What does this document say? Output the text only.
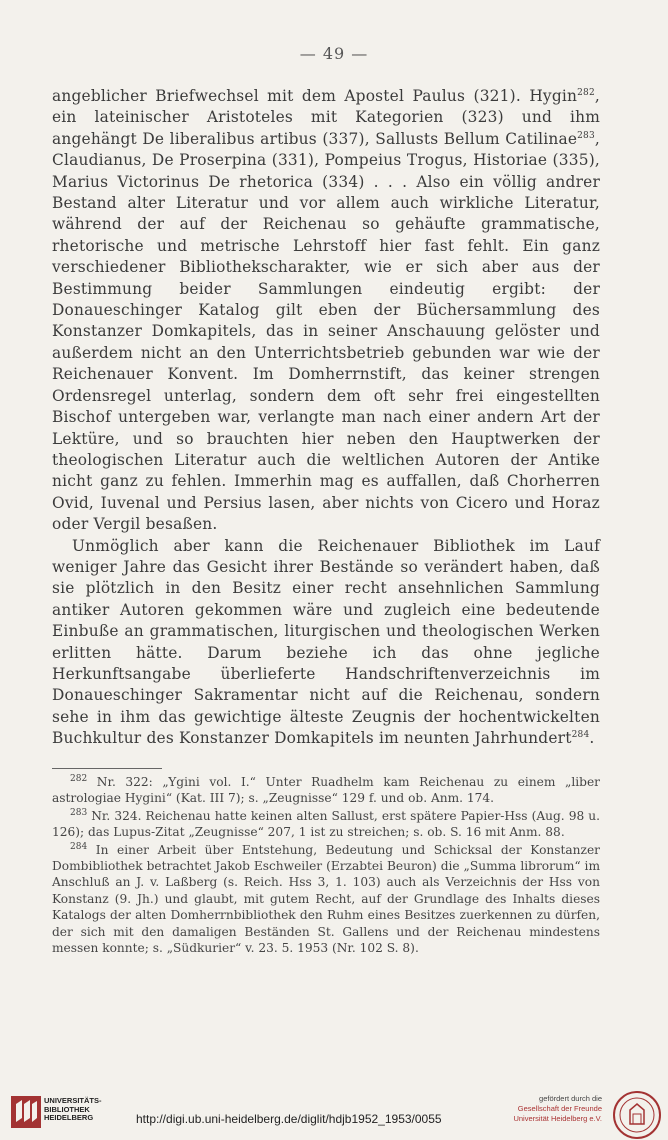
— 49 —

angeblicher Briefwechsel mit dem Apostel Paulus (321). Hygin$^{282}$, ein lateinischer Aristoteles mit Kategorien (323) und ihm angehängt De liberalibus artibus (337), Sallusts Bellum Catilinae$^{283}$, Claudianus, De Proserpina (331), Pompeius Trogus, Historiae (335), Marius Victorinus De rhetorica (334) . . . Also ein völlig andrer Bestand alter Literatur und vor allem auch wirkliche Literatur, während der auf der Reichenau so gehäufte grammatische, rhetorische und metrische Lehrstoff hier fast fehlt. Ein ganz verschiedener Bibliothekscharakter, wie er sich aber aus der Bestimmung beider Sammlungen eindeutig ergibt: der Donaueschinger Katalog gilt eben der Büchersammlung des Konstanzer Domkapitels, das in seiner Anschauung gelöster und außerdem nicht an den Unterrichtsbetrieb gebunden war wie der Reichenauer Konvent. Im Domherrnstift, das keiner strengen Ordensregel unterlag, sondern dem oft sehr frei eingestellten Bischof untergeben war, verlangte man nach einer andern Art der Lektüre, und so brauchten hier neben den Hauptwerken der theologischen Literatur auch die weltlichen Autoren der Antike nicht ganz zu fehlen. Immerhin mag es auffallen, daß Chorherren Ovid, Iuvenal und Persius lasen, aber nichts von Cicero und Horaz oder Vergil besaßen.

Unmöglich aber kann die Reichenauer Bibliothek im Lauf weniger Jahre das Gesicht ihrer Bestände so verändert haben, daß sie plötzlich in den Besitz einer recht ansehnlichen Sammlung antiker Autoren gekommen wäre und zugleich eine bedeutende Einbuße an grammatischen, liturgischen und theologischen Werken erlitten hätte. Darum beziehe ich das ohne jegliche Herkunftsangabe überlieferte Handschriftenverzeichnis im Donaueschinger Sakramentar nicht auf die Reichenau, sondern sehe in ihm das gewichtige älteste Zeugnis der hochentwickelten Buchkultur des Konstanzer Domkapitels im neunten Jahrhundert$^{284}$.

$^{282}$ Nr. 322: „Ygini vol. I.“ Unter Ruadhelm kam Reichenau zu einem „liber astrologiae Hygini“ (Kat. III 7); s. „Zeugnisse“ 129 f. und ob. Anm. 174.

$^{283}$ Nr. 324. Reichenau hatte keinen alten Sallust, erst spätere Papier-Hss (Aug. 98 u. 126); das Lupus-Zitat „Zeugnisse“ 207, 1 ist zu streichen; s. ob. S. 16 mit Anm. 88.

$^{284}$ In einer Arbeit über Entstehung, Bedeutung und Schicksal der Konstanzer Dombibliothek betrachtet Jakob Eschweiler (Erzabtei Beuron) die „Summa librorum“ im Anschluß an J. v. Laßberg (s. Reich. Hss 3, 1. 103) auch als Verzeichnis der Hss von Konstanz (9. Jh.) und glaubt, mit gutem Recht, auf der Grundlage des Inhalts dieses Katalogs der alten Domherrnbibliothek den Ruhm eines Besitzes zuerkennen zu dürfen, der sich mit den damaligen Beständen St. Gallens und der Reichenau mindestens messen konnte; s. „Südkurier“ v. 23. 5. 1953 (Nr. 102 S. 8).

UNIVERSITÄTS-
BIBLIOTHEK
HEIDELBERG	http://digi.ub.uni-heidelberg.de/diglit/hdjb1952_1953/0055
gefördert durch die
Gesellschaft der Freunde
Universität Heidelberg e.V.
